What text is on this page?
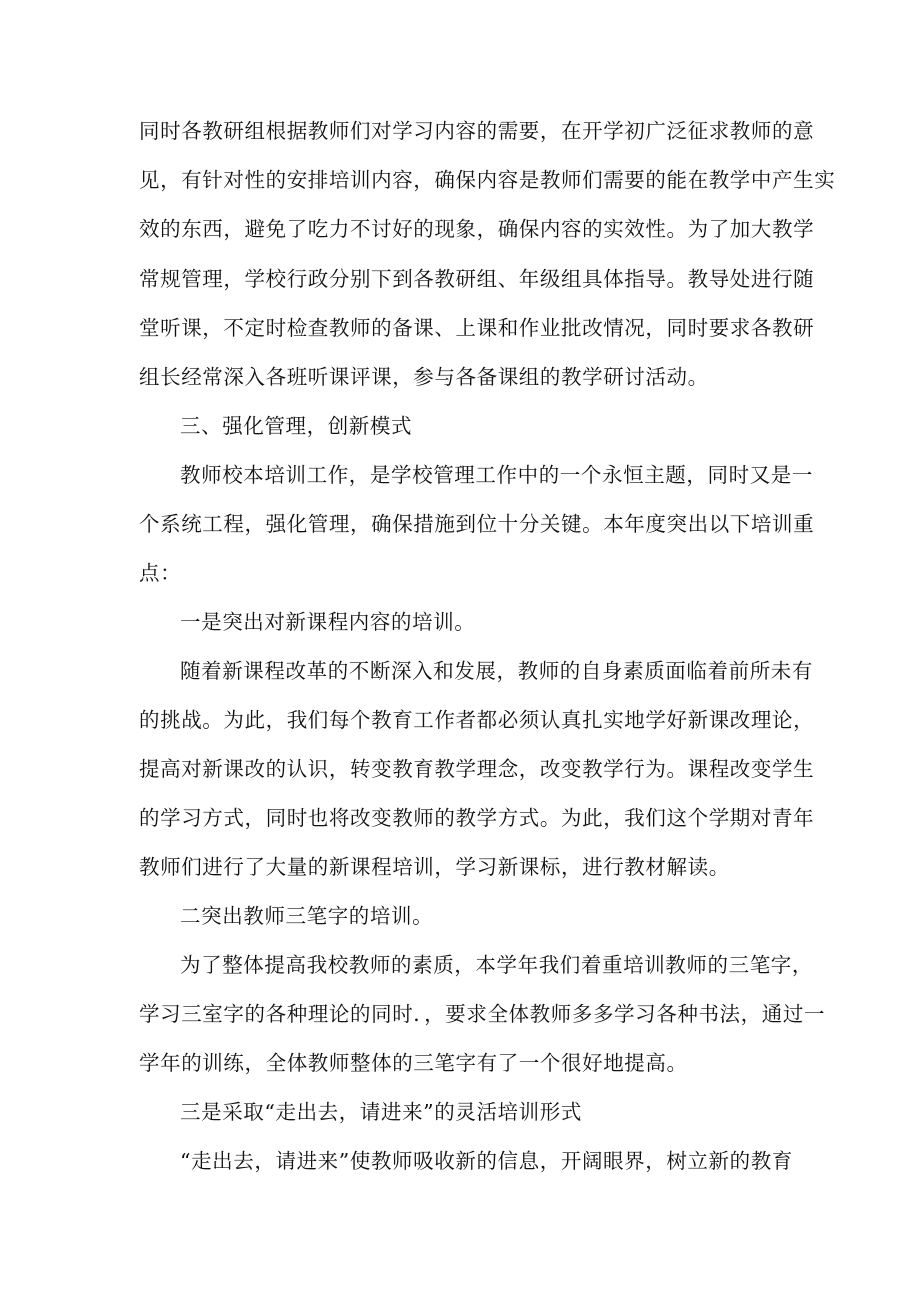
同时各教研组根据教师们对学习内容的需要，在开学初广泛征求教师的意
见，有针对性的安排培训内容，确保内容是教师们需要的能在教学中产生实
效的东西，避免了吃力不讨好的现象，确保内容的实效性。为了加大教学
常规管理，学校行政分别下到各教研组、年级组具体指导。教导处进行随
堂听课，不定时检查教师的备课、上课和作业批改情况，同时要求各教研
组长经常深入各班听课评课，参与各备课组的教学研讨活动。
三、强化管理，创新模式
教师校本培训工作，是学校管理工作中的一个永恒主题，同时又是一
个系统工程，强化管理，确保措施到位十分关键。本年度突出以下培训重
点：
一是突出对新课程内容的培训。
随着新课程改革的不断深入和发展，教师的自身素质面临着前所未有
的挑战。为此，我们每个教育工作者都必须认真扎实地学好新课改理论，
提高对新课改的认识，转变教育教学理念，改变教学行为。课程改变学生
的学习方式，同时也将改变教师的教学方式。为此，我们这个学期对青年
教师们进行了大量的新课程培训，学习新课标，进行教材解读。
二突出教师三笔字的培训。
为了整体提高我校教师的素质，本学年我们着重培训教师的三笔字，
学习三室字的各种理论的同时．，要求全体教师多多学习各种书法，通过一
学年的训练，全体教师整体的三笔字有了一个很好地提高。
三是采取“走出去，请进来”的灵活培训形式
“走出去，请进来”使教师吸收新的信息，开阔眼界，树立新的教育
